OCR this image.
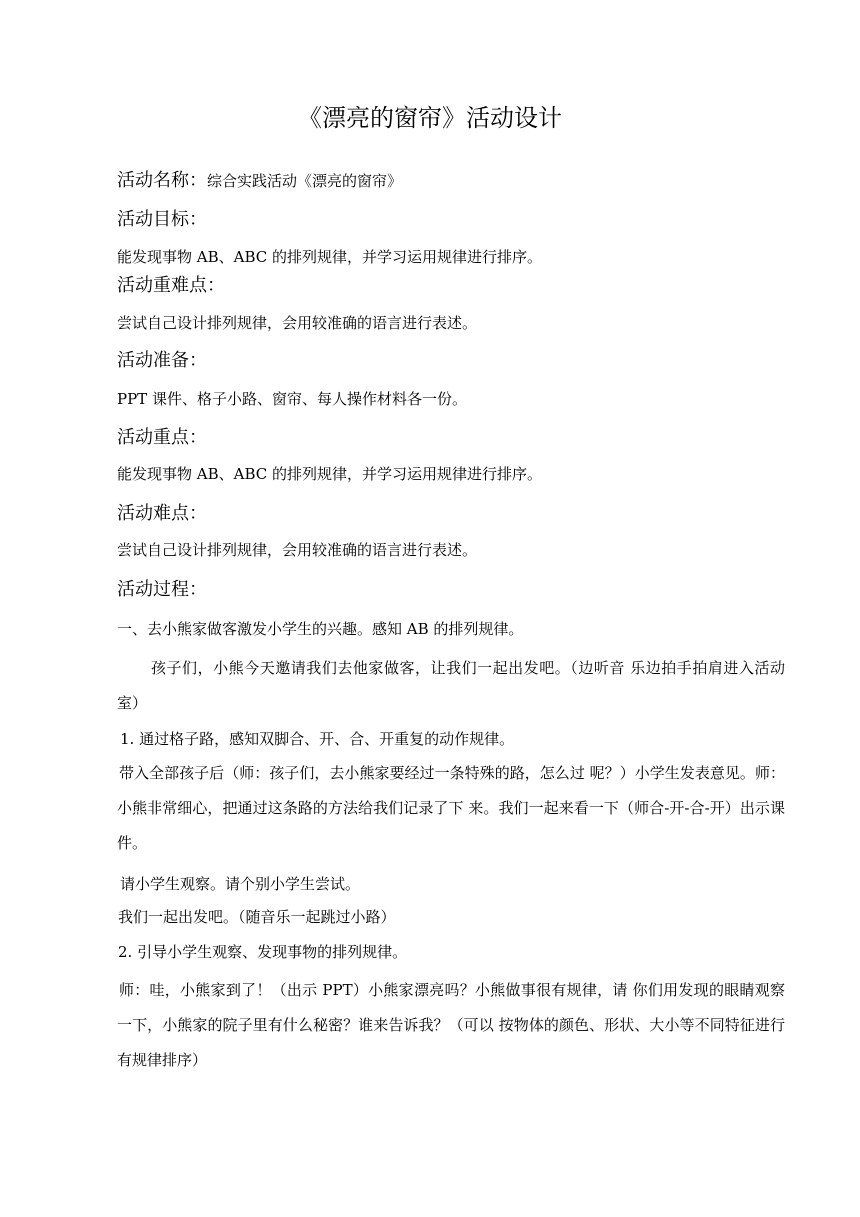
《漂亮的窗帘》活动设计
活动名称：综合实践活动《漂亮的窗帘》
活动目标：
能发现事物 AB、ABC 的排列规律，并学习运用规律进行排序。
活动重难点：
尝试自己设计排列规律，会用较准确的语言进行表述。
活动准备：
PPT 课件、格子小路、窗帘、每人操作材料各一份。
活动重点：
能发现事物 AB、ABC 的排列规律，并学习运用规律进行排序。
活动难点：
尝试自己设计排列规律，会用较准确的语言进行表述。
活动过程：
一、去小熊家做客激发小学生的兴趣。感知 AB 的排列规律。

孩子们，小熊今天邀请我们去他家做客，让我们一起出发吧。（边听音 乐边拍手拍肩进入活动室）

1. 通过格子路，感知双脚合、开、合、开重复的动作规律。

带入全部孩子后（师：孩子们，去小熊家要经过一条特殊的路，怎么过 呢？）小学生发表意见。师：小熊非常细心，把通过这条路的方法给我们记录了下 来。我们一起来看一下（师合-开-合-开）出示课件。

请小学生观察。请个别小学生尝试。
我们一起出发吧。（随音乐一起跳过小路）
2. 引导小学生观察、发现事物的排列规律。

师：哇，小熊家到了！（出示 PPT）小熊家漂亮吗？小熊做事很有规律，请 你们用发现的眼睛观察一下，小熊家的院子里有什么秘密？谁来告诉我？（可以 按物体的颜色、形状、大小等不同特征进行有规律排序）
